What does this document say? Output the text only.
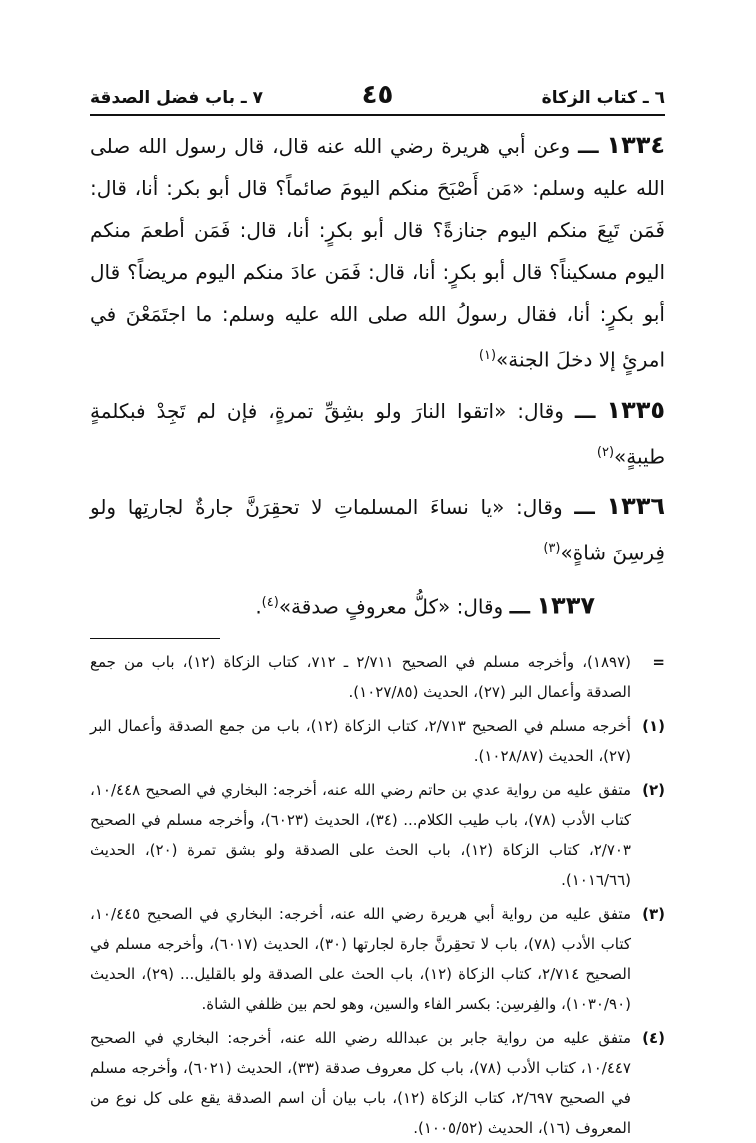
٦ ـ كتاب الزكاة
٤٥
٧ ـ باب فضل الصدقة

١٣٣٤ ـــ وعن أبي هريرة رضي الله عنه قال، قال رسول الله صلى الله عليه وسلم: «مَن أَصْبَحَ منكم اليومَ صائماً؟ قال أبو بكر: أنا، قال: فَمَن تَبِعَ منكم اليوم جنازةً؟ قال أبو بكرٍ: أنا، قال: فَمَن أطعمَ منكم اليوم مسكيناً؟ قال أبو بكرٍ: أنا، قال: فَمَن عادَ منكم اليوم مريضاً؟ قال أبو بكرٍ: أنا، فقال رسولُ الله صلى الله عليه وسلم: ما اجتَمَعْنَ في امرئٍ إلا دخلَ الجنة»$^{(١)}$

١٣٣٥ ـــ وقال: «اتقوا النارَ ولو بشِقِّ تمرةٍ، فإن لم تَجِدْ فبكلمةٍ طيبةٍ»$^{(٢)}$

١٣٣٦ ـــ وقال: «يا نساءَ المسلماتِ لا تحقِرَنَّ جارةٌ لجارتِها ولو فِرسِنَ شاةٍ»$^{(٣)}$

١٣٣٧ ـــ وقال: «كلُّ معروفٍ صدقة»$^{(٤)}$.

=
(١٨٩٧)، وأخرجه مسلم في الصحيح ٢/٧١١ ـ ٧١٢، كتاب الزكاة (١٢)، باب من جمع الصدقة وأعمال البر (٢٧)، الحديث (١٠٢٧/٨٥).
(١)
أخرجه مسلم في الصحيح ٢/٧١٣، كتاب الزكاة (١٢)، باب من جمع الصدقة وأعمال البر (٢٧)، الحديث (١٠٢٨/٨٧).
(٢)
متفق عليه من رواية عدي بن حاتم رضي الله عنه، أخرجه: البخاري في الصحيح ١٠/٤٤٨، كتاب الأدب (٧٨)، باب طيب الكلام... (٣٤)، الحديث (٦٠٢٣)، وأخرجه مسلم في الصحيح ٢/٧٠٣، كتاب الزكاة (١٢)، باب الحث على الصدقة ولو بشق تمرة (٢٠)، الحديث (١٠١٦/٦٦).
(٣)
متفق عليه من رواية أبي هريرة رضي الله عنه، أخرجه: البخاري في الصحيح ١٠/٤٤٥، كتاب الأدب (٧٨)، باب لا تحقِرنَّ جارة لجارتها (٣٠)، الحديث (٦٠١٧)، وأخرجه مسلم في الصحيح ٢/٧١٤، كتاب الزكاة (١٢)، باب الحث على الصدقة ولو بالقليل... (٢٩)، الحديث (١٠٣٠/٩٠)، والفِرسِن: بكسر الفاء والسين، وهو لحم بين ظلفي الشاة.
(٤)
متفق عليه من رواية جابر بن عبدالله رضي الله عنه، أخرجه: البخاري في الصحيح ١٠/٤٤٧، كتاب الأدب (٧٨)، باب كل معروف صدقة (٣٣)، الحديث (٦٠٢١)، وأخرجه مسلم في الصحيح ٢/٦٩٧، كتاب الزكاة (١٢)، باب بيان أن اسم الصدقة يقع على كل نوع من المعروف (١٦)، الحديث (١٠٠٥/٥٢).
